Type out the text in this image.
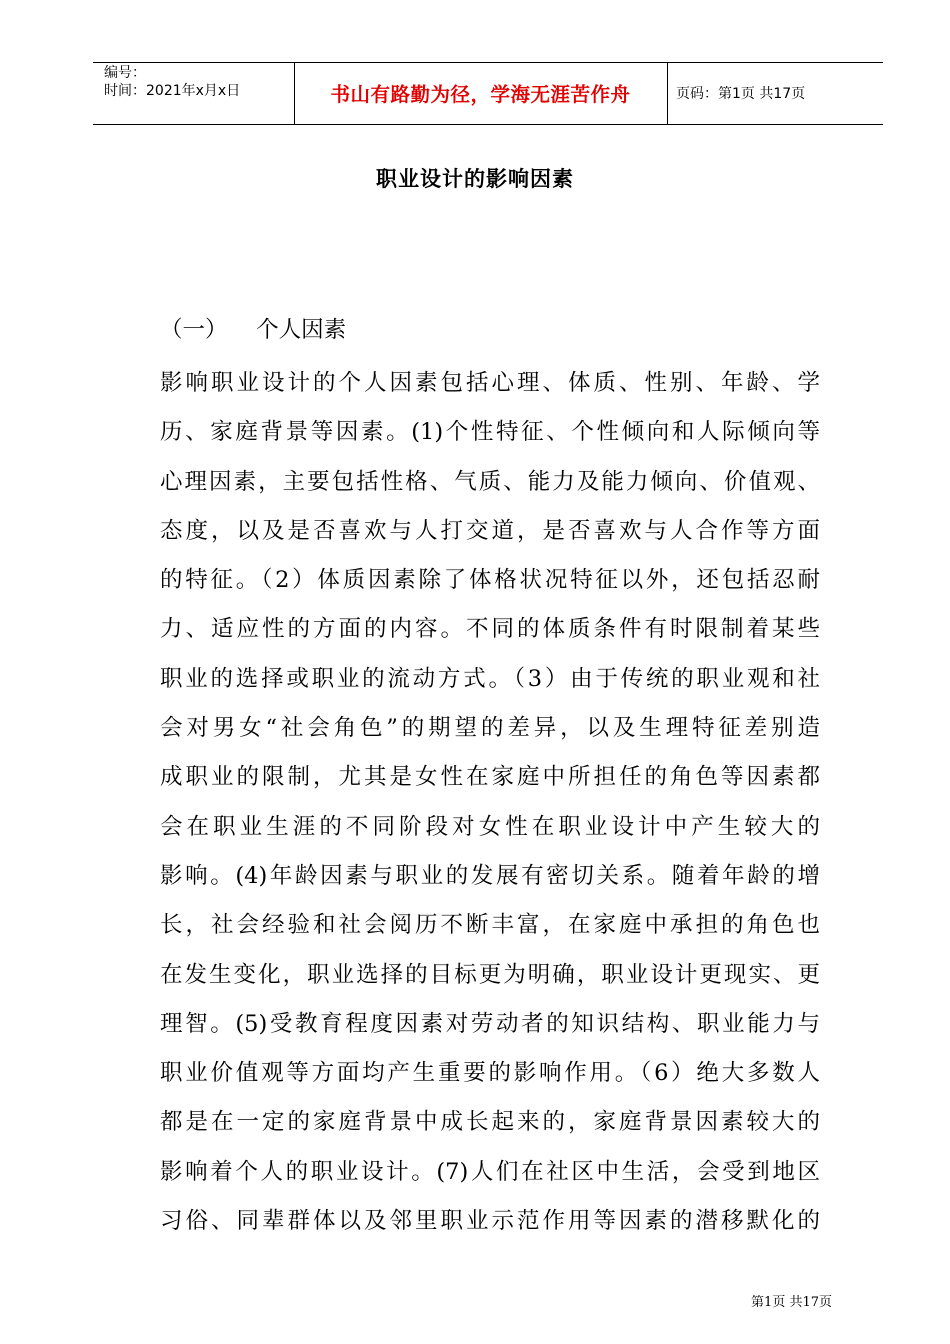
编号：
时间：2021年x月x日	书山有路勤为径，学海无涯苦作舟	页码：第1页 共17页
职业设计的影响因素
（一）    个人因素
影响职业设计的个人因素包括心理、体质、性别、年龄、学
历、家庭背景等因素。(1)个性特征、个性倾向和人际倾向等
心理因素，主要包括性格、气质、能力及能力倾向、价值观、
态度，以及是否喜欢与人打交道，是否喜欢与人合作等方面
的特征。（2）体质因素除了体格状况特征以外，还包括忍耐
力、适应性的方面的内容。不同的体质条件有时限制着某些
职业的选择或职业的流动方式。（3）由于传统的职业观和社
会对男女“社会角色”的期望的差异，以及生理特征差别造
成职业的限制，尤其是女性在家庭中所担任的角色等因素都
会在职业生涯的不同阶段对女性在职业设计中产生较大的
影响。(4)年龄因素与职业的发展有密切关系。随着年龄的增
长，社会经验和社会阅历不断丰富，在家庭中承担的角色也
在发生变化，职业选择的目标更为明确，职业设计更现实、更
理智。(5)受教育程度因素对劳动者的知识结构、职业能力与
职业价值观等方面均产生重要的影响作用。（6）绝大多数人
都是在一定的家庭背景中成长起来的，家庭背景因素较大的
影响着个人的职业设计。(7)人们在社区中生活，会受到地区
习俗、同辈群体以及邻里职业示范作用等因素的潜移默化的
第1页 共17页
